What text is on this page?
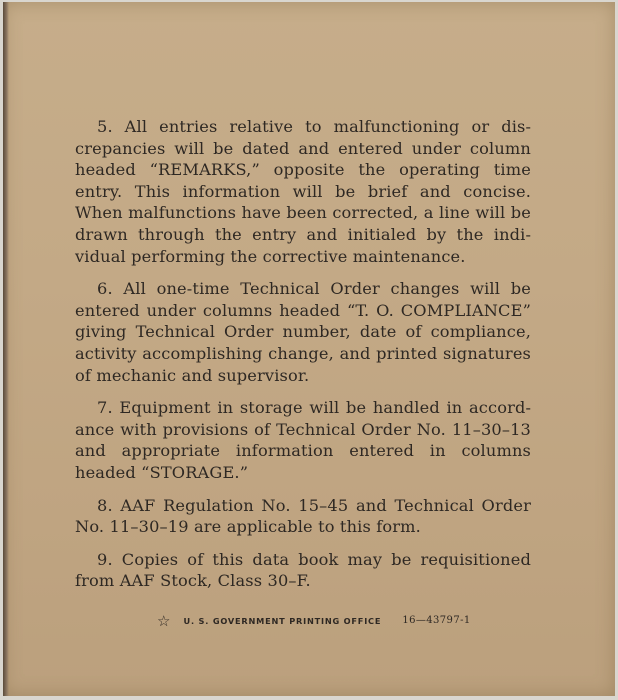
5. All entries relative to malfunctioning or discrepancies will be dated and entered under column headed “REMARKS,” opposite the operating time entry. This information will be brief and concise. When malfunctions have been corrected, a line will be drawn through the entry and initialed by the individual performing the corrective maintenance.

6. All one-time Technical Order changes will be entered under columns headed “T. O. COMPLIANCE” giving Technical Order number, date of compliance, activity accomplishing change, and printed signatures of mechanic and supervisor.

7. Equipment in storage will be handled in accordance with provisions of Technical Order No. 11–30–13 and appropriate information entered in columns headed “STORAGE.”

8. AAF Regulation No. 15–45 and Technical Order No. 11–30–19 are applicable to this form.

9. Copies of this data book may be requisitioned from AAF Stock, Class 30–F.

☆ U. S. GOVERNMENT PRINTING OFFICE 16—43797-1
